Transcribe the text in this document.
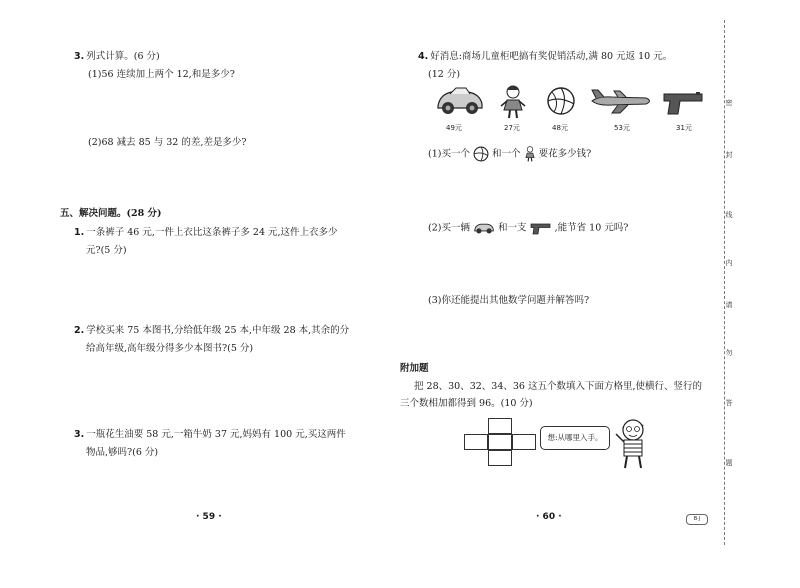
3. 列式计算。(6 分)
(1)56 连续加上两个 12,和是多少?
(2)68 减去 85 与 32 的差,差是多少?
五、解决问题。(28 分)
1. 一条裤子 46 元,一件上衣比这条裤子多 24 元,这件上衣多少
元?(5 分)
2. 学校买来 75 本图书,分给低年级 25 本,中年级 28 本,其余的分
给高年级,高年级分得多少本图书?(5 分)
3. 一瓶花生油要 58 元,一箱牛奶 37 元,妈妈有 100 元,买这两件
物品,够吗?(6 分)
· 59 ·
4. 好消息:商场儿童柜吧搞有奖促销活动,满 80 元返 10 元。
(12 分)
49元	27元	48元	53元	31元
(1)买一个 和一个 要花多少钱?
(2)买一辆	和一支	,能节省 10 元吗?
(3)你还能提出其他数学问题并解答吗?
附加题
把 28、30、32、34、36 这五个数填入下面方格里,使横行、竖行的
三个数相加都得到 96。(10 分)
想:从哪里入手。
· 60 ·
密
封
线
内
请
勿
答
题
B·J
